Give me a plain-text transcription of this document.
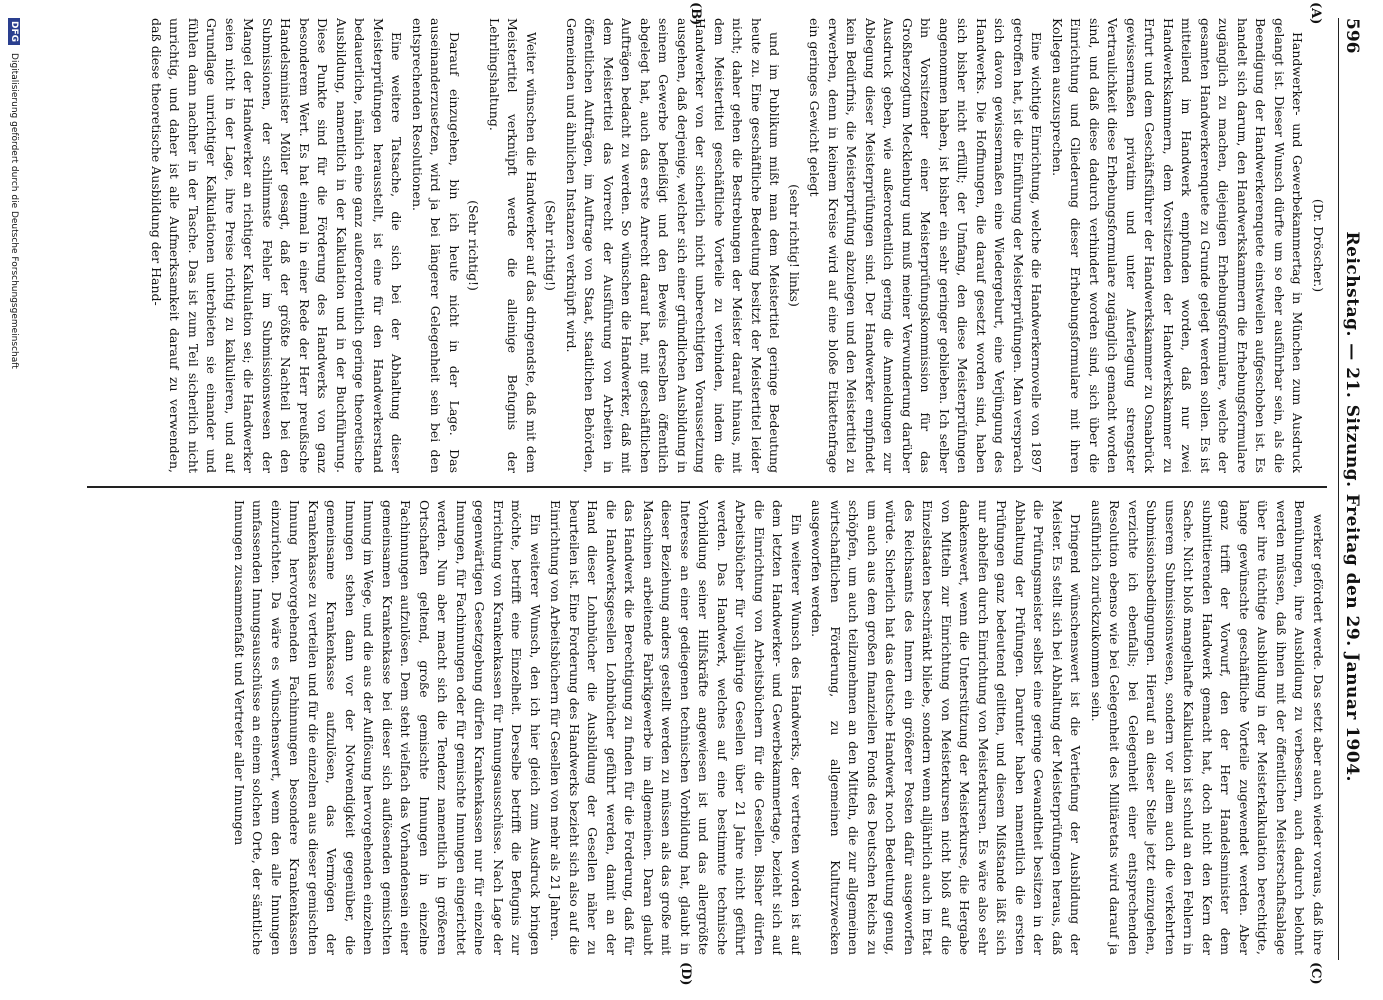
596
Reichstag. — 21. Sitzung. Freitag den 29. Januar 1904.
(A)
(B)
(C)
(D)
(Dr. Dröscher.)

Handwerker- und Gewerbekammertag in München zum Ausdruck gelangt ist. Dieser Wunsch dürfte um so eher ausführbar sein, als die Beendigung der Handwerkerenquete einstweilen aufgeschoben ist. Es handelt sich darum, den Handwerkskammern die Erhebungsformulare zugänglich zu machen, diejenigen Erhebungsformulare, welche der gesamten Handwerkerenquete zu Grunde gelegt werden sollen. Es ist mitteilend im Handwerk empfunden worden, daß nur zwei Handwerkskammern, dem Vorsitzenden der Handwerkskammer zu Erfurt und dem Geschäftsführer der Handwerkskammer zu Osnabrück gewissermaßen privatim und unter Auferlegung strengster Vertraulichkeit diese Erhebungsformulare zugänglich gemacht worden sind, und daß diese dadurch verhindert worden sind, sich über die Einrichtung und Gliederung dieser Erhebungsformulare mit ihren Kollegen auszusprechen.

Eine wichtige Einrichtung, welche die Handwerkernovelle von 1897 getroffen hat, ist die Einführung der Meisterprüfungen. Man versprach sich davon gewissermaßen eine Wiedergeburt, eine Verjüngung des Handwerks. Die Hoffnungen, die darauf gesetzt worden sind, haben sich bisher nicht erfüllt; der Umfang, den diese Meisterprüfungen angenommen haben, ist bisher ein sehr geringer geblieben. Ich selber bin Vorsitzender einer Meisterprüfungskommission für das Großherzogtum Mecklenburg und muß meiner Verwunderung darüber Ausdruck geben, wie außerordentlich gering die Anmeldungen zur Ablegung dieser Meisterprüfungen sind. Der Handwerker empfindet kein Bedürfnis, die Meisterprüfung abzulegen und den Meistertitel zu erwerben, denn in keinem Kreise wird auf eine bloße Etikettenfrage ein geringes Gewicht gelegt

(sehr richtig! links)

und im Publikum mißt man dem Meistertitel geringe Bedeutung heute zu. Eine geschäftliche Bedeutung besitzt der Meistertitel leider nicht; daher gehen die Bestrebungen der Meister darauf hinaus, mit dem Meistertitel geschäftliche Vorteile zu verbinden, indem die Handwerker von der sicherlich nicht unberechtigten Voraussetzung ausgehen, daß derjenige, welcher sich einer gründlichen Ausbildung in seinem Gewerbe befleißigt und den Beweis derselben öffentlich abgelegt hat, auch das erste Anrecht darauf hat, mit geschäftlichen Aufträgen bedacht zu werden. So wünschen die Handwerker, daß mit dem Meistertitel das Vorrecht der Ausführung von Arbeiten in öffentlichen Aufträgen, im Auftrage von Staat, staatlichen Behörden, Gemeinden und ähnlichen Instanzen verknüpft wird.

(Sehr richtig!)

Weiter wünschen die Handwerker auf das dringendste, daß mit dem Meistertitel verknüpft werde die alleinige Befugnis der Lehrlingshaltung.

(Sehr richtig!)

Darauf einzugehen, bin ich heute nicht in der Lage. Das auseinanderzusetzen, wird ja bei längerer Gelegenheit sein bei den entsprechenden Resolutionen.

Eine weitere Tatsache, die sich bei der Abhaltung dieser Meisterprüfungen herausstellt, ist eine für den Handwerkerstand bedauerliche, nämlich eine ganz außerordentlich geringe theoretische Ausbildung, namentlich in der Kalkulation und in der Buchführung. Diese Punkte sind für die Förderung des Handwerks von ganz besonderem Wert. Es hat einmal in einer Rede der Herr preußische Handelsminister Möller gesagt, daß der größte Nachteil bei den Submissionen, der schlimmste Fehler im Submissionswesen der Mangel der Handwerker an richtiger Kalkulation sei; die Handwerker seien nicht in der Lage, ihre Preise richtig zu kalkulieren, und auf Grundlage unrichtiger Kalkulationen unterbieten sie einander und fühlen dann nachher in der Tasche. Das ist zum Teil sicherlich nicht unrichtig, und daher ist alle Aufmerksamkeit darauf zu verwenden, daß diese theoretische Ausbildung der Hand-

werker gefördert werde. Das setzt aber auch wieder voraus, daß ihre Bemühungen, ihre Ausbildung zu verbessern, auch dadurch belohnt werden müssen, daß ihnen mit der öffentlichen Meisterschaftsablage über ihre tüchtige Ausbildung in der Meisterkalkulation berechtigte, lange gewünschte geschäftliche Vorteile zugewendet werden. Aber ganz trifft der Vorwurf, den der Herr Handelsminister dem submittierenden Handwerk gemacht hat, doch nicht den Kern der Sache. Nicht bloß mangelhafte Kalkulation ist schuld an den Fehlern in unserem Submissionswesen, sondern vor allem auch die verkehrten Submissionsbedingungen. Hierauf an dieser Stelle jetzt einzugehen, verzichte ich ebenfalls; bei Gelegenheit einer entsprechenden Resolution ebenso wie bei Gelegenheit des Militäretats wird darauf ja ausführlich zurückzukommen sein.

Dringend wünschenswert ist die Vertiefung der Ausbildung der Meister. Es stellt sich bei Abhaltung der Meisterprüfungen heraus, daß die Prüfungsmeister selbst eine geringe Gewandtheit besitzen in der Abhaltung der Prüfungen. Darunter haben namentlich die ersten Prüfungen ganz bedeutend gelitten, und diesem Mißstande läßt sich nur abhelfen durch Einrichtung von Meisterkursen. Es wäre also sehr dankenswert, wenn die Unterstützung der Meisterkurse, die Hergabe von Mitteln zur Einrichtung von Meisterkursen nicht bloß auf die Einzelstaaten beschränkt bliebe, sondern wenn alljährlich auch im Etat des Reichsamts des Innern ein größerer Posten dafür ausgeworfen würde. Sicherlich hat das deutsche Handwerk noch Bedeutung genug, um auch aus dem großen finanziellen Fonds des Deutschen Reichs zu schöpfen, um auch teilzunehmen an den Mitteln, die zur allgemeinen wirtschaftlichen Förderung, zu allgemeinen Kulturzwecken ausgeworfen werden.

Ein weiterer Wunsch des Handwerks, der vertreten worden ist auf dem letzten Handwerker- und Gewerbekammertage, bezieht sich auf die Einrichtung von Arbeitsbüchern für die Gesellen. Bisher dürfen Arbeitsbücher für volljährige Gesellen über 21 Jahre nicht geführt werden. Das Handwerk, welches auf eine bestimmte technische Vorbildung seiner Hilfskräfte angewiesen ist und das allergrößte Interesse an einer gediegenen technischen Vorbildung hat, glaubt in dieser Beziehung anders gestellt werden zu müssen als das große mit Maschinen arbeitende Fabrikgewerbe im allgemeinen. Daran glaubt das Handwerk die Berechtigung zu finden für die Forderung, daß für die Handwerksgesellen Lohnbücher geführt werden, damit an der Hand dieser Lohnbücher die Ausbildung der Gesellen näher zu beurteilen ist. Eine Forderung des Handwerks bezieht sich also auf die Einrichtung von Arbeitsbüchern für Gesellen von mehr als 21 Jahren.

Ein weiterer Wunsch, den ich hier gleich zum Ausdruck bringen möchte, betrifft eine Einzelheit. Derselbe betrifft die Befugnis zur Errichtung von Krankenkassen für Innungsausschüsse. Nach Lage der gegenwärtigen Gesetzgebung dürfen Krankenkassen nur für einzelne Innungen, für Fachinnungen oder für gemischte Innungen eingerichtet werden. Nun aber macht sich die Tendenz namentlich in größeren Ortschaften geltend, große gemischte Innungen in einzelne Fachinnungen aufzulösen. Dem steht vielfach das Vorhandensein einer gemeinsamen Krankenkasse bei dieser sich auflösenden gemischten Innung im Wege, und die aus der Auflösung hervorgehenden einzelnen Innungen stehen dann vor der Notwendigkeit gegenüber, die gemeinsame Krankenkasse aufzulösen, das Vermögen der Krankenkasse zu verteilen und für die einzelnen aus dieser gemischten Innung hervorgehenden Fachinnungen besondere Krankenkassen einzurichten. Da wäre es wünschenswert, wenn den alle Innungen umfassenden Innungsausschüsse an einem solchen Orte, der sämtliche Innungen zusammenfaßt und Vertreter aller Innungen

DFG
Digitalisierung gefördert durch die Deutsche Forschungsgemeinschaft
